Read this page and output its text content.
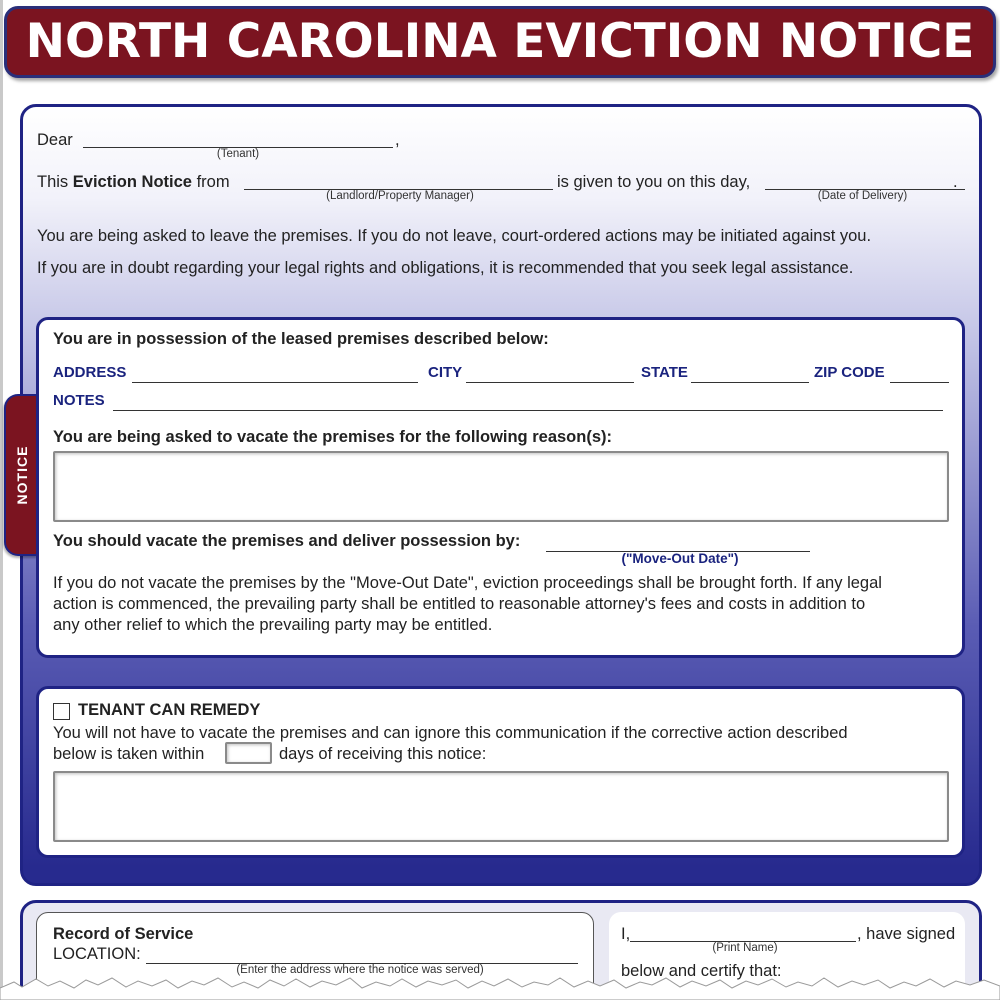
NORTH CAROLINA EVICTION NOTICE
NOTICE
Dear	,
(Tenant)
This Eviction Notice from
(Landlord/Property Manager)
is given to you on this day,	.
(Date of Delivery)
You are being asked to leave the premises. If you do not leave, court-ordered actions may be initiated against you.
If you are in doubt regarding your legal rights and obligations, it is recommended that you seek legal assistance.
You are in possession of the leased premises described below:
ADDRESS	CITY	STATE	ZIP CODE
NOTES
You are being asked to vacate the premises for the following reason(s):
You should vacate the premises and deliver possession by:
("Move-Out Date")
If you do not vacate the premises by the "Move-Out Date", eviction proceedings shall be brought forth. If any legal
action is commenced, the prevailing party shall be entitled to reasonable attorney's fees and costs in addition to
any other relief to which the prevailing party may be entitled.
TENANT CAN REMEDY
You will not have to vacate the premises and can ignore this communication if the corrective action described
below is taken within	days of receiving this notice:
Record of Service
LOCATION:
(Enter the address where the notice was served)
I,	, have signed
(Print Name)
below and certify that:
